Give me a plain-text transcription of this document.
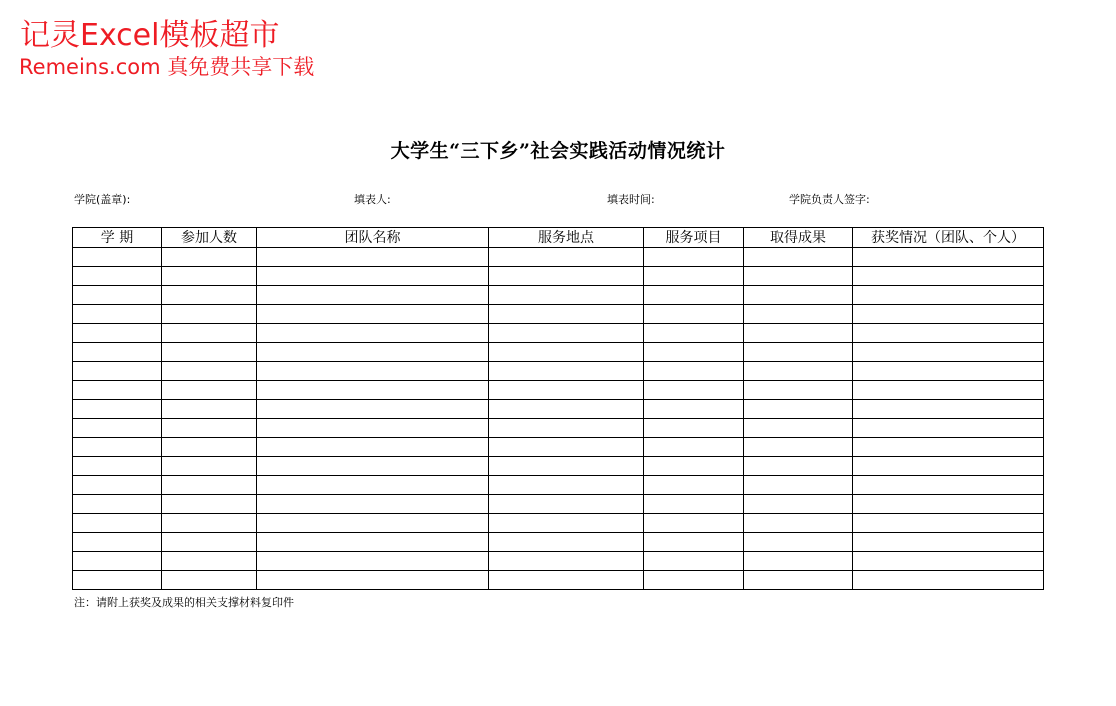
记灵Excel模板超市
Remeins.com 真免费共享下载
大学生“三下乡”社会实践活动情况统计
学院(盖章):	填表人:	填表时间:	学院负责人签字:
学 期	参加人数	团队名称	服务地点	服务项目	取得成果	获奖情况（团队、个人）

注：请附上获奖及成果的相关支撑材料复印件
